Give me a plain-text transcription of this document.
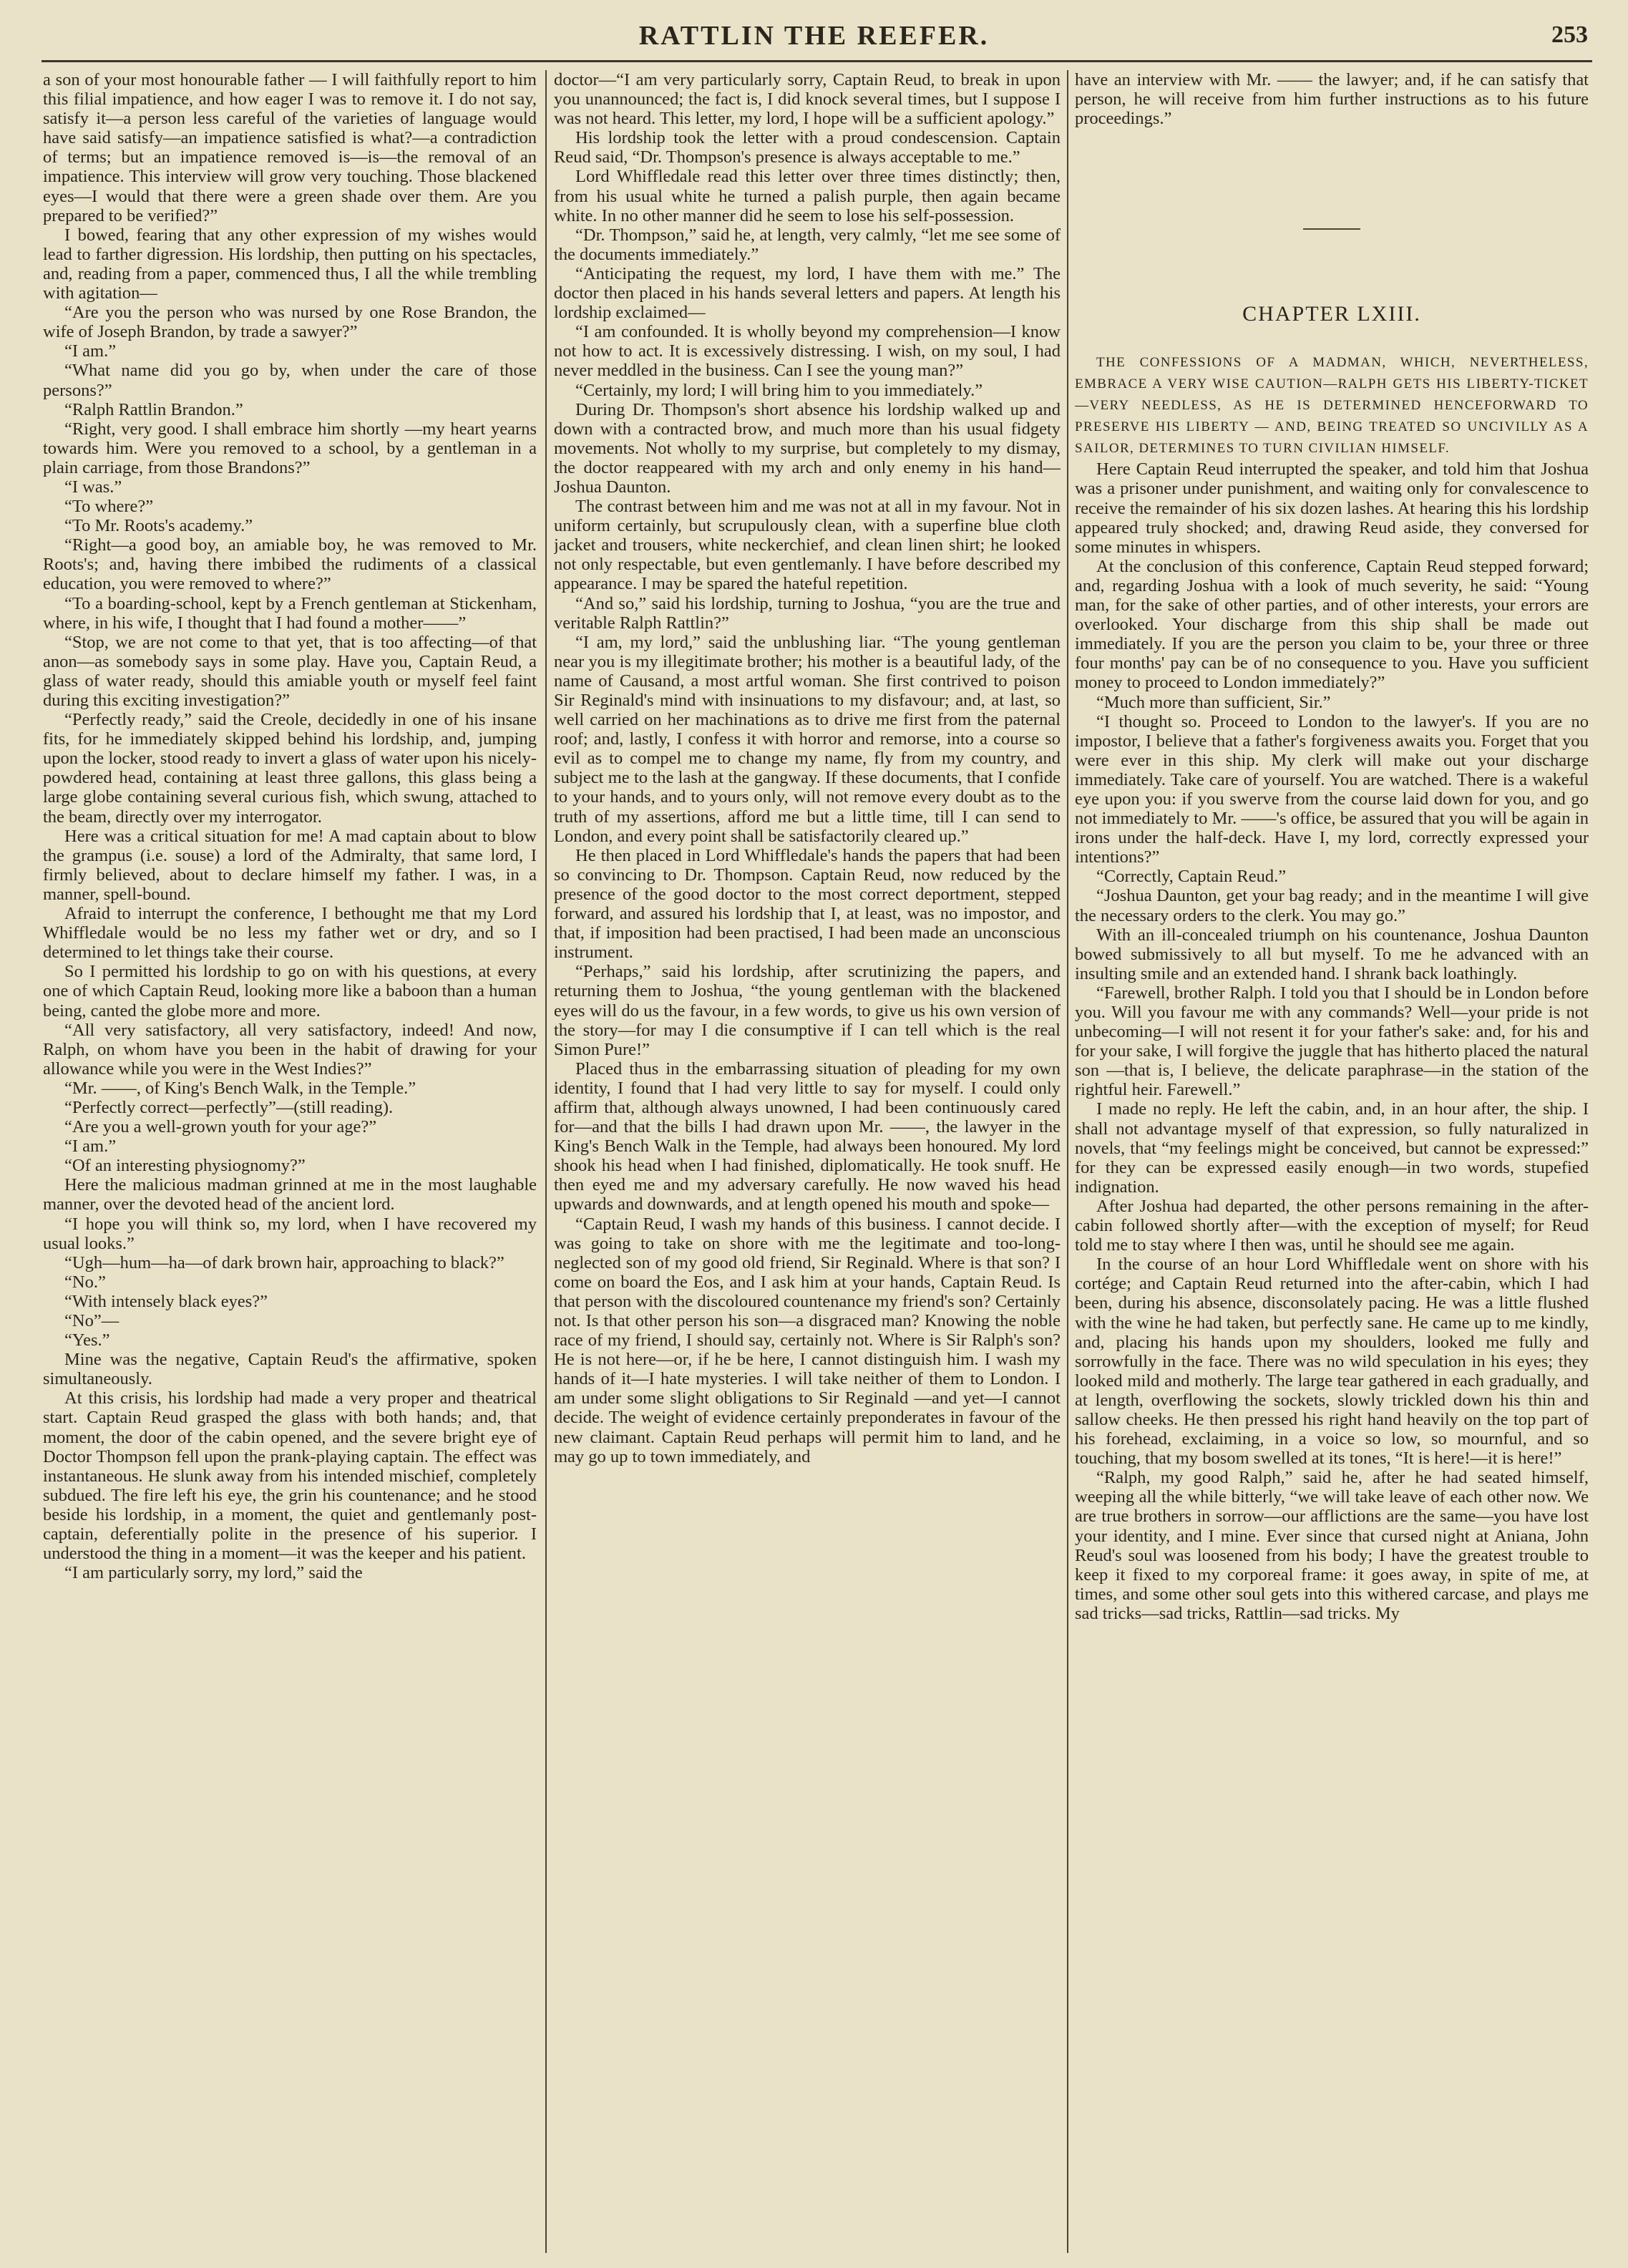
RATTLIN THE REEFER.	253

a son of your most honourable father — I will faithfully report to him this filial impatience, and how eager I was to remove it. I do not say, satisfy it—a person less careful of the varieties of language would have said satisfy—an impatience satisfied is what?—a contradiction of terms; but an impatience removed is—is—the removal of an impatience. This interview will grow very touching. Those blackened eyes—I would that there were a green shade over them. Are you prepared to be verified?”

I bowed, fearing that any other expression of my wishes would lead to farther digression. His lordship, then putting on his spectacles, and, reading from a paper, commenced thus, I all the while trembling with agitation—

“Are you the person who was nursed by one Rose Brandon, the wife of Joseph Brandon, by trade a sawyer?”

“I am.”

“What name did you go by, when under the care of those persons?”

“Ralph Rattlin Brandon.”

“Right, very good. I shall embrace him shortly —my heart yearns towards him. Were you removed to a school, by a gentleman in a plain carriage, from those Brandons?”

“I was.”

“To where?”

“To Mr. Roots's academy.”

“Right—a good boy, an amiable boy, he was removed to Mr. Roots's; and, having there imbibed the rudiments of a classical education, you were removed to where?”

“To a boarding-school, kept by a French gentleman at Stickenham, where, in his wife, I thought that I had found a mother——”

“Stop, we are not come to that yet, that is too affecting—of that anon—as somebody says in some play. Have you, Captain Reud, a glass of water ready, should this amiable youth or myself feel faint during this exciting investigation?”

“Perfectly ready,” said the Creole, decidedly in one of his insane fits, for he immediately skipped behind his lordship, and, jumping upon the locker, stood ready to invert a glass of water upon his nicely-powdered head, containing at least three gallons, this glass being a large globe containing several curious fish, which swung, attached to the beam, directly over my interrogator.

Here was a critical situation for me! A mad captain about to blow the grampus (i.e. souse) a lord of the Admiralty, that same lord, I firmly believed, about to declare himself my father. I was, in a manner, spell-bound.

Afraid to interrupt the conference, I bethought me that my Lord Whiffledale would be no less my father wet or dry, and so I determined to let things take their course.

So I permitted his lordship to go on with his questions, at every one of which Captain Reud, looking more like a baboon than a human being, canted the globe more and more.

“All very satisfactory, all very satisfactory, indeed! And now, Ralph, on whom have you been in the habit of drawing for your allowance while you were in the West Indies?”

“Mr. ——, of King's Bench Walk, in the Temple.”

“Perfectly correct—perfectly”—(still reading).

“Are you a well-grown youth for your age?”

“I am.”

“Of an interesting physiognomy?”

Here the malicious madman grinned at me in the most laughable manner, over the devoted head of the ancient lord.

“I hope you will think so, my lord, when I have recovered my usual looks.”

“Ugh—hum—ha—of dark brown hair, approaching to black?”

“No.”

“With intensely black eyes?”

“No”—

“Yes.”

Mine was the negative, Captain Reud's the affirmative, spoken simultaneously.

At this crisis, his lordship had made a very proper and theatrical start. Captain Reud grasped the glass with both hands; and, that moment, the door of the cabin opened, and the severe bright eye of Doctor Thompson fell upon the prank-playing captain. The effect was instantaneous. He slunk away from his intended mischief, completely subdued. The fire left his eye, the grin his countenance; and he stood beside his lordship, in a moment, the quiet and gentlemanly post-captain, deferentially polite in the presence of his superior. I understood the thing in a moment—it was the keeper and his patient.

“I am particularly sorry, my lord,” said the

doctor—“I am very particularly sorry, Captain Reud, to break in upon you unannounced; the fact is, I did knock several times, but I suppose I was not heard. This letter, my lord, I hope will be a sufficient apology.”

His lordship took the letter with a proud condescension. Captain Reud said, “Dr. Thompson's presence is always acceptable to me.”

Lord Whiffledale read this letter over three times distinctly; then, from his usual white he turned a palish purple, then again became white. In no other manner did he seem to lose his self-possession.

“Dr. Thompson,” said he, at length, very calmly, “let me see some of the documents immediately.”

“Anticipating the request, my lord, I have them with me.” The doctor then placed in his hands several letters and papers. At length his lordship exclaimed—

“I am confounded. It is wholly beyond my comprehension—I know not how to act. It is excessively distressing. I wish, on my soul, I had never meddled in the business. Can I see the young man?”

“Certainly, my lord; I will bring him to you immediately.”

During Dr. Thompson's short absence his lordship walked up and down with a contracted brow, and much more than his usual fidgety movements. Not wholly to my surprise, but completely to my dismay, the doctor reappeared with my arch and only enemy in his hand—Joshua Daunton.

The contrast between him and me was not at all in my favour. Not in uniform certainly, but scrupulously clean, with a superfine blue cloth jacket and trousers, white neckerchief, and clean linen shirt; he looked not only respectable, but even gentlemanly. I have before described my appearance. I may be spared the hateful repetition.

“And so,” said his lordship, turning to Joshua, “you are the true and veritable Ralph Rattlin?”

“I am, my lord,” said the unblushing liar. “The young gentleman near you is my illegitimate brother; his mother is a beautiful lady, of the name of Causand, a most artful woman. She first contrived to poison Sir Reginald's mind with insinuations to my disfavour; and, at last, so well carried on her machinations as to drive me first from the paternal roof; and, lastly, I confess it with horror and remorse, into a course so evil as to compel me to change my name, fly from my country, and subject me to the lash at the gangway. If these documents, that I confide to your hands, and to yours only, will not remove every doubt as to the truth of my assertions, afford me but a little time, till I can send to London, and every point shall be satisfactorily cleared up.”

He then placed in Lord Whiffledale's hands the papers that had been so convincing to Dr. Thompson. Captain Reud, now reduced by the presence of the good doctor to the most correct deportment, stepped forward, and assured his lordship that I, at least, was no impostor, and that, if imposition had been practised, I had been made an unconscious instrument.

“Perhaps,” said his lordship, after scrutinizing the papers, and returning them to Joshua, “the young gentleman with the blackened eyes will do us the favour, in a few words, to give us his own version of the story—for may I die consumptive if I can tell which is the real Simon Pure!”

Placed thus in the embarrassing situation of pleading for my own identity, I found that I had very little to say for myself. I could only affirm that, although always unowned, I had been continuously cared for—and that the bills I had drawn upon Mr. ——, the lawyer in the King's Bench Walk in the Temple, had always been honoured. My lord shook his head when I had finished, diplomatically. He took snuff. He then eyed me and my adversary carefully. He now waved his head upwards and downwards, and at length opened his mouth and spoke—

“Captain Reud, I wash my hands of this business. I cannot decide. I was going to take on shore with me the legitimate and too-long-neglected son of my good old friend, Sir Reginald. Where is that son? I come on board the Eos, and I ask him at your hands, Captain Reud. Is that person with the discoloured countenance my friend's son? Certainly not. Is that other person his son—a disgraced man? Knowing the noble race of my friend, I should say, certainly not. Where is Sir Ralph's son? He is not here—or, if he be here, I cannot distinguish him. I wash my hands of it—I hate mysteries. I will take neither of them to London. I am under some slight obligations to Sir Reginald —and yet—I cannot decide. The weight of evidence certainly preponderates in favour of the new claimant. Captain Reud perhaps will permit him to land, and he may go up to town immediately, and

have an interview with Mr. —— the lawyer; and, if he can satisfy that person, he will receive from him further instructions as to his future proceedings.”

CHAPTER LXIII.

THE CONFESSIONS OF A MADMAN, WHICH, NEVERTHELESS, EMBRACE A VERY WISE CAUTION—RALPH GETS HIS LIBERTY-TICKET—VERY NEEDLESS, AS HE IS DETERMINED HENCEFORWARD TO PRESERVE HIS LIBERTY — AND, BEING TREATED SO UNCIVILLY AS A SAILOR, DETERMINES TO TURN CIVILIAN HIMSELF.

Here Captain Reud interrupted the speaker, and told him that Joshua was a prisoner under punishment, and waiting only for convalescence to receive the remainder of his six dozen lashes. At hearing this his lordship appeared truly shocked; and, drawing Reud aside, they conversed for some minutes in whispers.

At the conclusion of this conference, Captain Reud stepped forward; and, regarding Joshua with a look of much severity, he said: “Young man, for the sake of other parties, and of other interests, your errors are overlooked. Your discharge from this ship shall be made out immediately. If you are the person you claim to be, your three or three four months' pay can be of no consequence to you. Have you sufficient money to proceed to London immediately?”

“Much more than sufficient, Sir.”

“I thought so. Proceed to London to the lawyer's. If you are no impostor, I believe that a father's forgiveness awaits you. Forget that you were ever in this ship. My clerk will make out your discharge immediately. Take care of yourself. You are watched. There is a wakeful eye upon you: if you swerve from the course laid down for you, and go not immediately to Mr. ——'s office, be assured that you will be again in irons under the half-deck. Have I, my lord, correctly expressed your intentions?”

“Correctly, Captain Reud.”

“Joshua Daunton, get your bag ready; and in the meantime I will give the necessary orders to the clerk. You may go.”

With an ill-concealed triumph on his countenance, Joshua Daunton bowed submissively to all but myself. To me he advanced with an insulting smile and an extended hand. I shrank back loathingly.

“Farewell, brother Ralph. I told you that I should be in London before you. Will you favour me with any commands? Well—your pride is not unbecoming—I will not resent it for your father's sake: and, for his and for your sake, I will forgive the juggle that has hitherto placed the natural son —that is, I believe, the delicate paraphrase—in the station of the rightful heir. Farewell.”

I made no reply. He left the cabin, and, in an hour after, the ship. I shall not advantage myself of that expression, so fully naturalized in novels, that “my feelings might be conceived, but cannot be expressed:” for they can be expressed easily enough—in two words, stupefied indignation.

After Joshua had departed, the other persons remaining in the after-cabin followed shortly after—with the exception of myself; for Reud told me to stay where I then was, until he should see me again.

In the course of an hour Lord Whiffledale went on shore with his cortége; and Captain Reud returned into the after-cabin, which I had been, during his absence, disconsolately pacing. He was a little flushed with the wine he had taken, but perfectly sane. He came up to me kindly, and, placing his hands upon my shoulders, looked me fully and sorrowfully in the face. There was no wild speculation in his eyes; they looked mild and motherly. The large tear gathered in each gradually, and at length, overflowing the sockets, slowly trickled down his thin and sallow cheeks. He then pressed his right hand heavily on the top part of his forehead, exclaiming, in a voice so low, so mournful, and so touching, that my bosom swelled at its tones, “It is here!—it is here!”

“Ralph, my good Ralph,” said he, after he had seated himself, weeping all the while bitterly, “we will take leave of each other now. We are true brothers in sorrow—our afflictions are the same—you have lost your identity, and I mine. Ever since that cursed night at Aniana, John Reud's soul was loosened from his body; I have the greatest trouble to keep it fixed to my corporeal frame: it goes away, in spite of me, at times, and some other soul gets into this withered carcase, and plays me sad tricks—sad tricks, Rattlin—sad tricks. My
